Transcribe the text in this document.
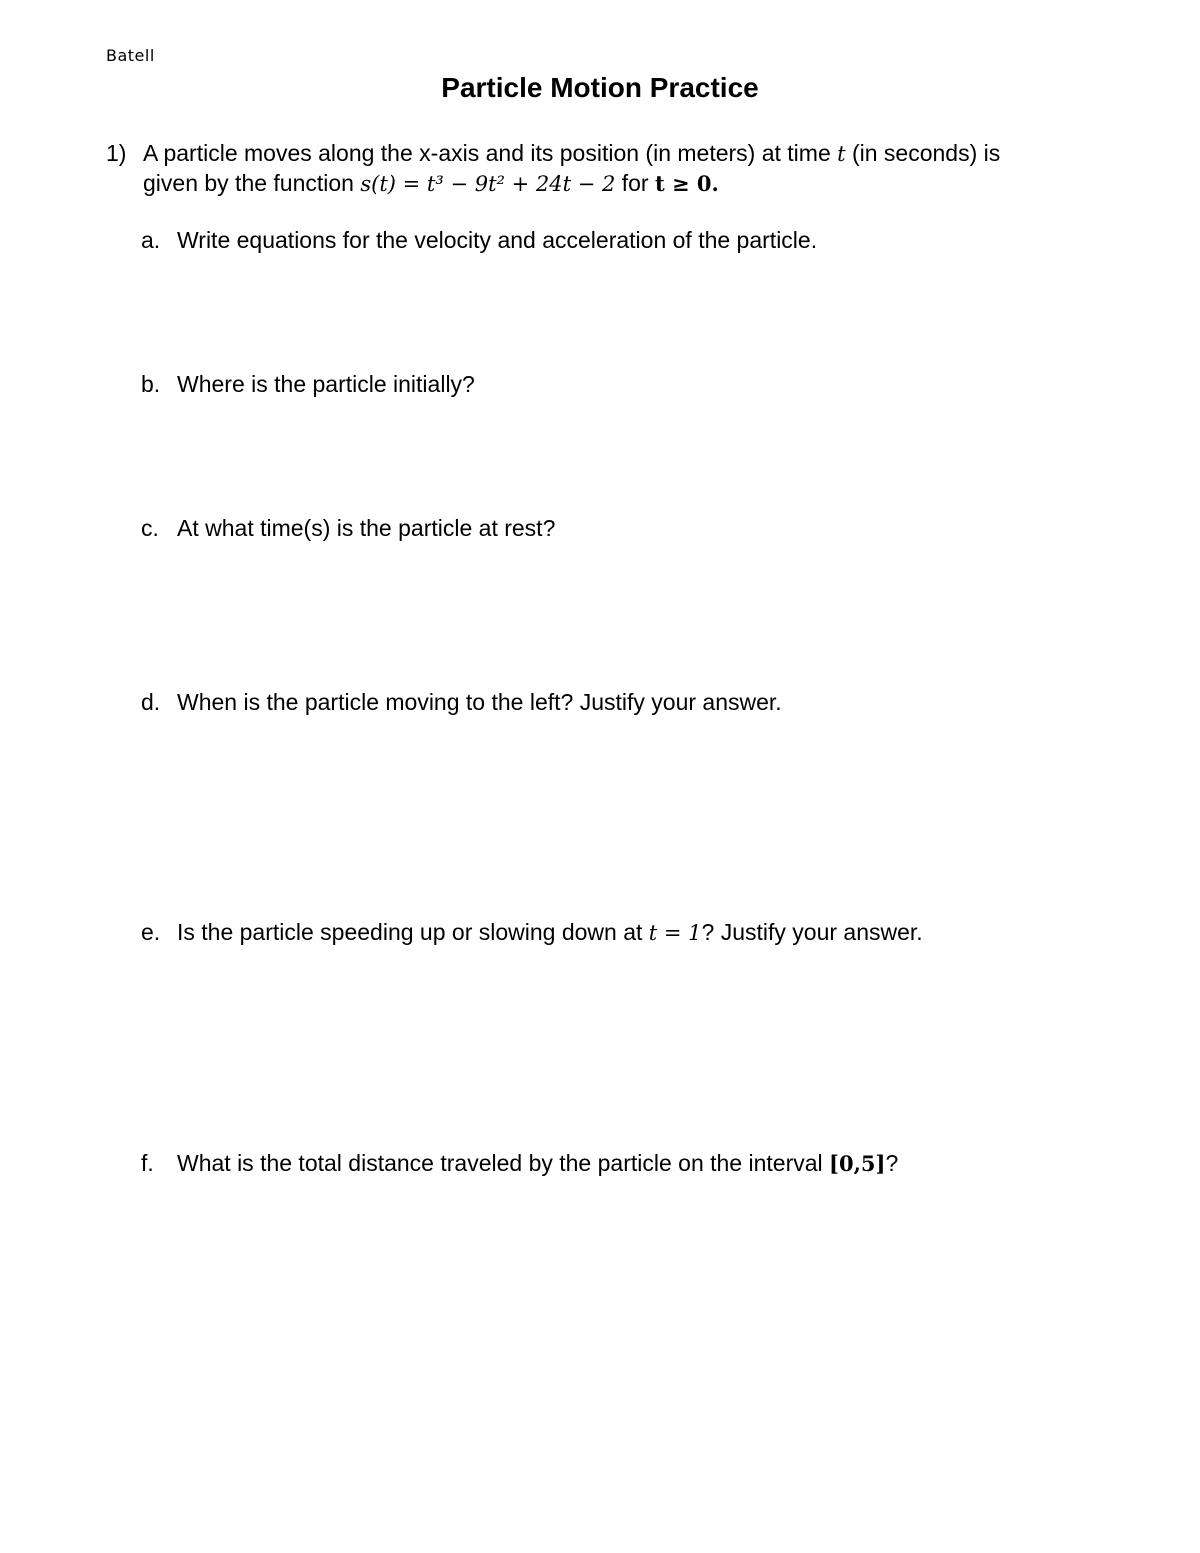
Batell
Particle Motion Practice
1) A particle moves along the x-axis and its position (in meters) at time t (in seconds) is
given by the function s(t) = t³ − 9t² + 24t − 2 for t ≥ 0.
a. Write equations for the velocity and acceleration of the particle.
b. Where is the particle initially?
c. At what time(s) is the particle at rest?
d. When is the particle moving to the left? Justify your answer.
e. Is the particle speeding up or slowing down at t = 1? Justify your answer.
f. What is the total distance traveled by the particle on the interval [0,5]?
